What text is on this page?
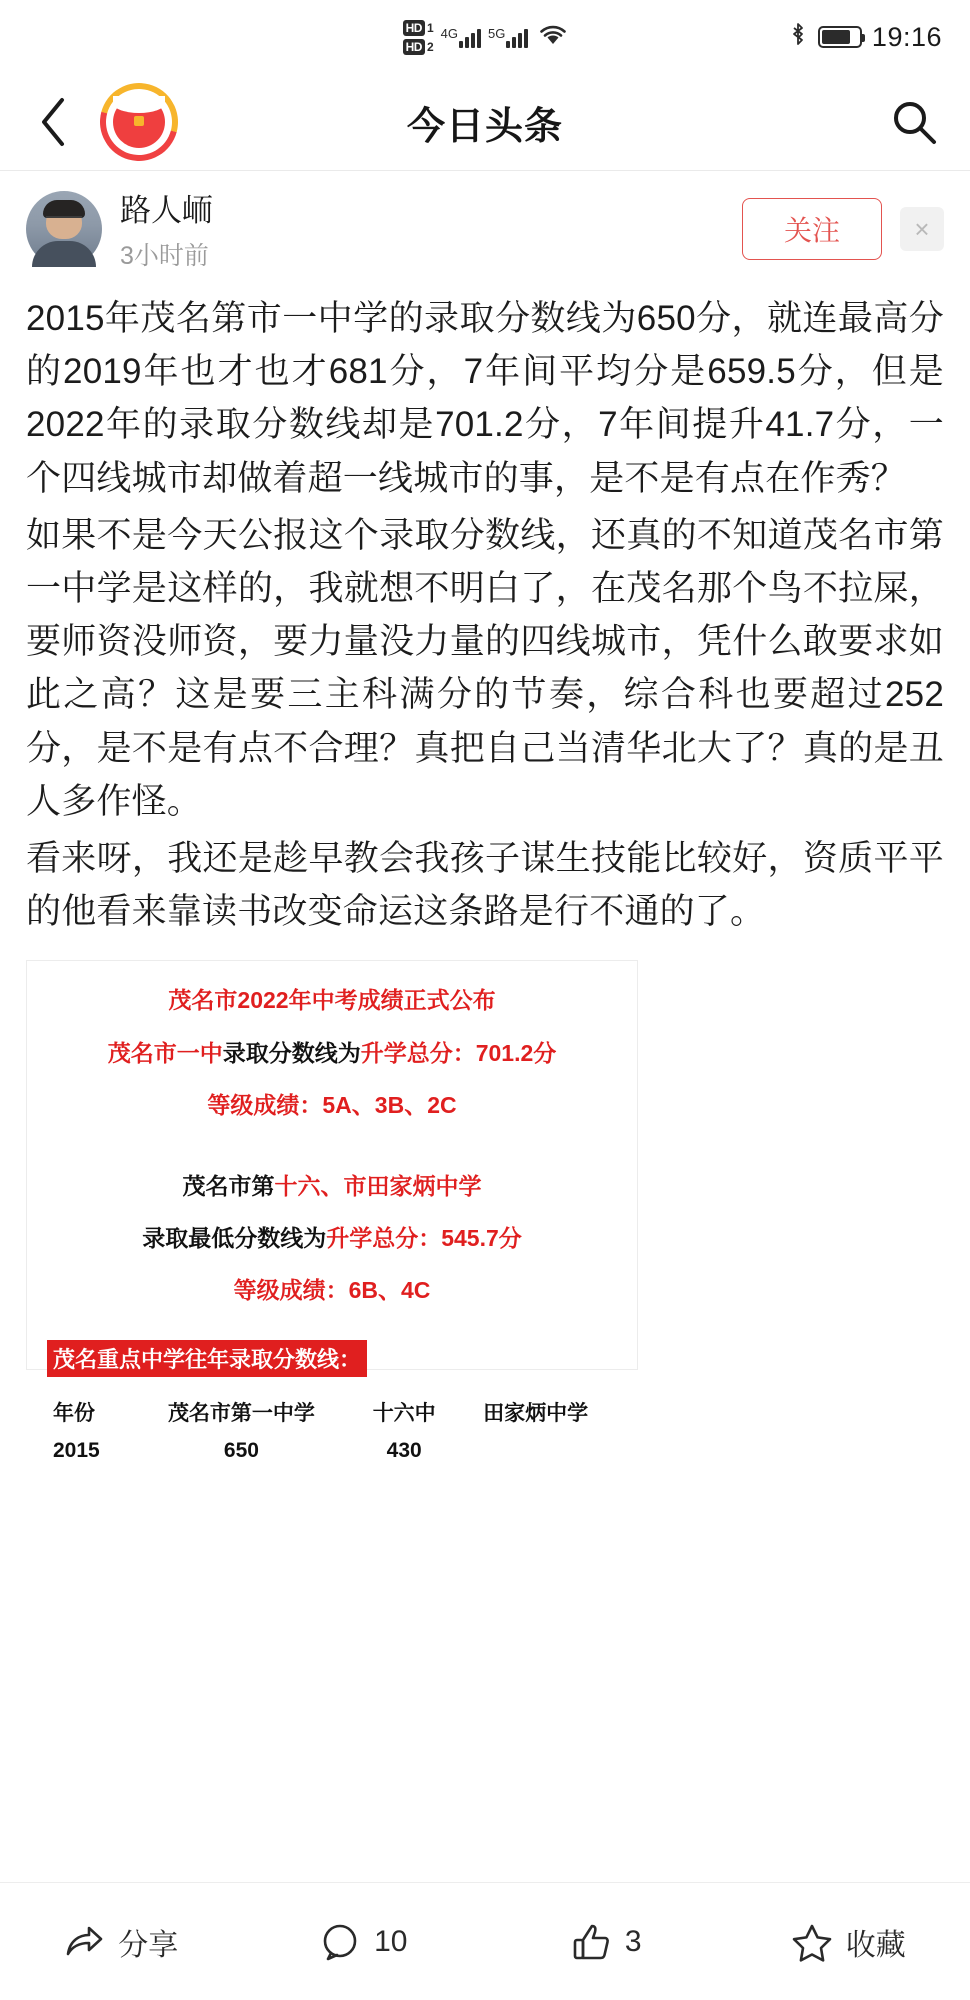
HD 1
HD 2
4G 5G	19:16
今日头条
路人峏
3小时前
关注	×

2015年茂名第市一中学的录取分数线为650分，就连最高分的2019年也才也才681分，7年间平均分是659.5分，但是2022年的录取分数线却是701.2分，7年间提升41.7分，一个四线城市却做着超一线城市的事，是不是有点在作秀？

如果不是今天公报这个录取分数线，还真的不知道茂名市第一中学是这样的，我就想不明白了，在茂名那个鸟不拉屎，要师资没师资，要力量没力量的四线城市，凭什么敢要求如此之高？这是要三主科满分的节奏，综合科也要超过252分，是不是有点不合理？真把自己当清华北大了？真的是丑人多作怪。

看来呀，我还是趁早教会我孩子谋生技能比较好，资质平平的他看来靠读书改变命运这条路是行不通的了。

茂名市2022年中考成绩正式公布
茂名市一中录取分数线为升学总分：701.2分
等级成绩：5A、3B、2C
茂名市第十六、市田家炳中学
录取最低分数线为升学总分：545.7分
等级成绩：6B、4C
茂名重点中学往年录取分数线：
年份	茂名市第一中学	十六中	田家炳中学
2015	650	430	
分享	10	3	收藏
